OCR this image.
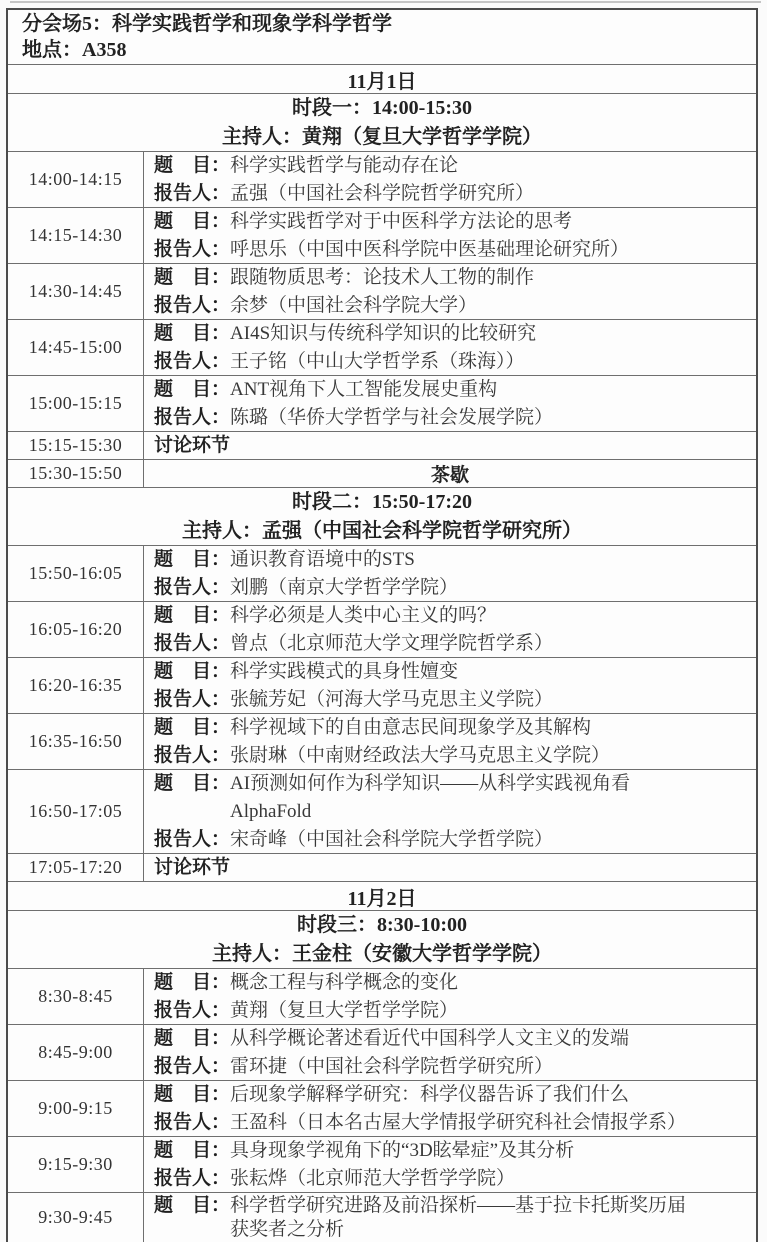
分会场5：科学实践哲学和现象学科学哲学
地点：A358
11月1日
时段一：14:00-15:30
主持人：黄翔（复旦大学哲学学院）
14:00-14:15
题　目： 科学实践哲学与能动存在论
报告人： 孟强（中国社会科学院哲学研究所）
14:15-14:30
题　目： 科学实践哲学对于中医科学方法论的思考
报告人： 呼思乐（中国中医科学院中医基础理论研究所）
14:30-14:45
题　目： 跟随物质思考：论技术人工物的制作
报告人： 余梦（中国社会科学院大学）
14:45-15:00
题　目： AI4S知识与传统科学知识的比较研究
报告人： 王子铭（中山大学哲学系（珠海））
15:00-15:15
题　目： ANT视角下人工智能发展史重构
报告人： 陈璐（华侨大学哲学与社会发展学院）
15:15-15:30	讨论环节
15:30-15:50	茶歇
时段二：15:50-17:20
主持人：孟强（中国社会科学院哲学研究所）
15:50-16:05
题　目： 通识教育语境中的STS
报告人： 刘鹏（南京大学哲学学院）
16:05-16:20
题　目： 科学必须是人类中心主义的吗？
报告人： 曾点（北京师范大学文理学院哲学系）
16:20-16:35
题　目： 科学实践模式的具身性嬗变
报告人： 张毓芳妃（河海大学马克思主义学院）
16:35-16:50
题　目： 科学视域下的自由意志民间现象学及其解构
报告人： 张尉琳（中南财经政法大学马克思主义学院）
16:50-17:05
题　目： AI预测如何作为科学知识——从科学实践视角看AlphaFold
报告人： 宋奇峰（中国社会科学院大学哲学院）
17:05-17:20	讨论环节
11月2日
时段三：8:30-10:00
主持人：王金柱（安徽大学哲学学院）
8:30-8:45
题　目： 概念工程与科学概念的变化
报告人： 黄翔（复旦大学哲学学院）
8:45-9:00
题　目： 从科学概论著述看近代中国科学人文主义的发端
报告人： 雷环捷（中国社会科学院哲学研究所）
9:00-9:15
题　目： 后现象学解释学研究：科学仪器告诉了我们什么
报告人： 王盈科（日本名古屋大学情报学研究科社会情报学系）
9:15-9:30
题　目： 具身现象学视角下的“3D眩晕症”及其分析
报告人： 张耘烨（北京师范大学哲学学院）
9:30-9:45
题　目： 科学哲学研究进路及前沿探析——基于拉卡托斯奖历届获奖者之分析
